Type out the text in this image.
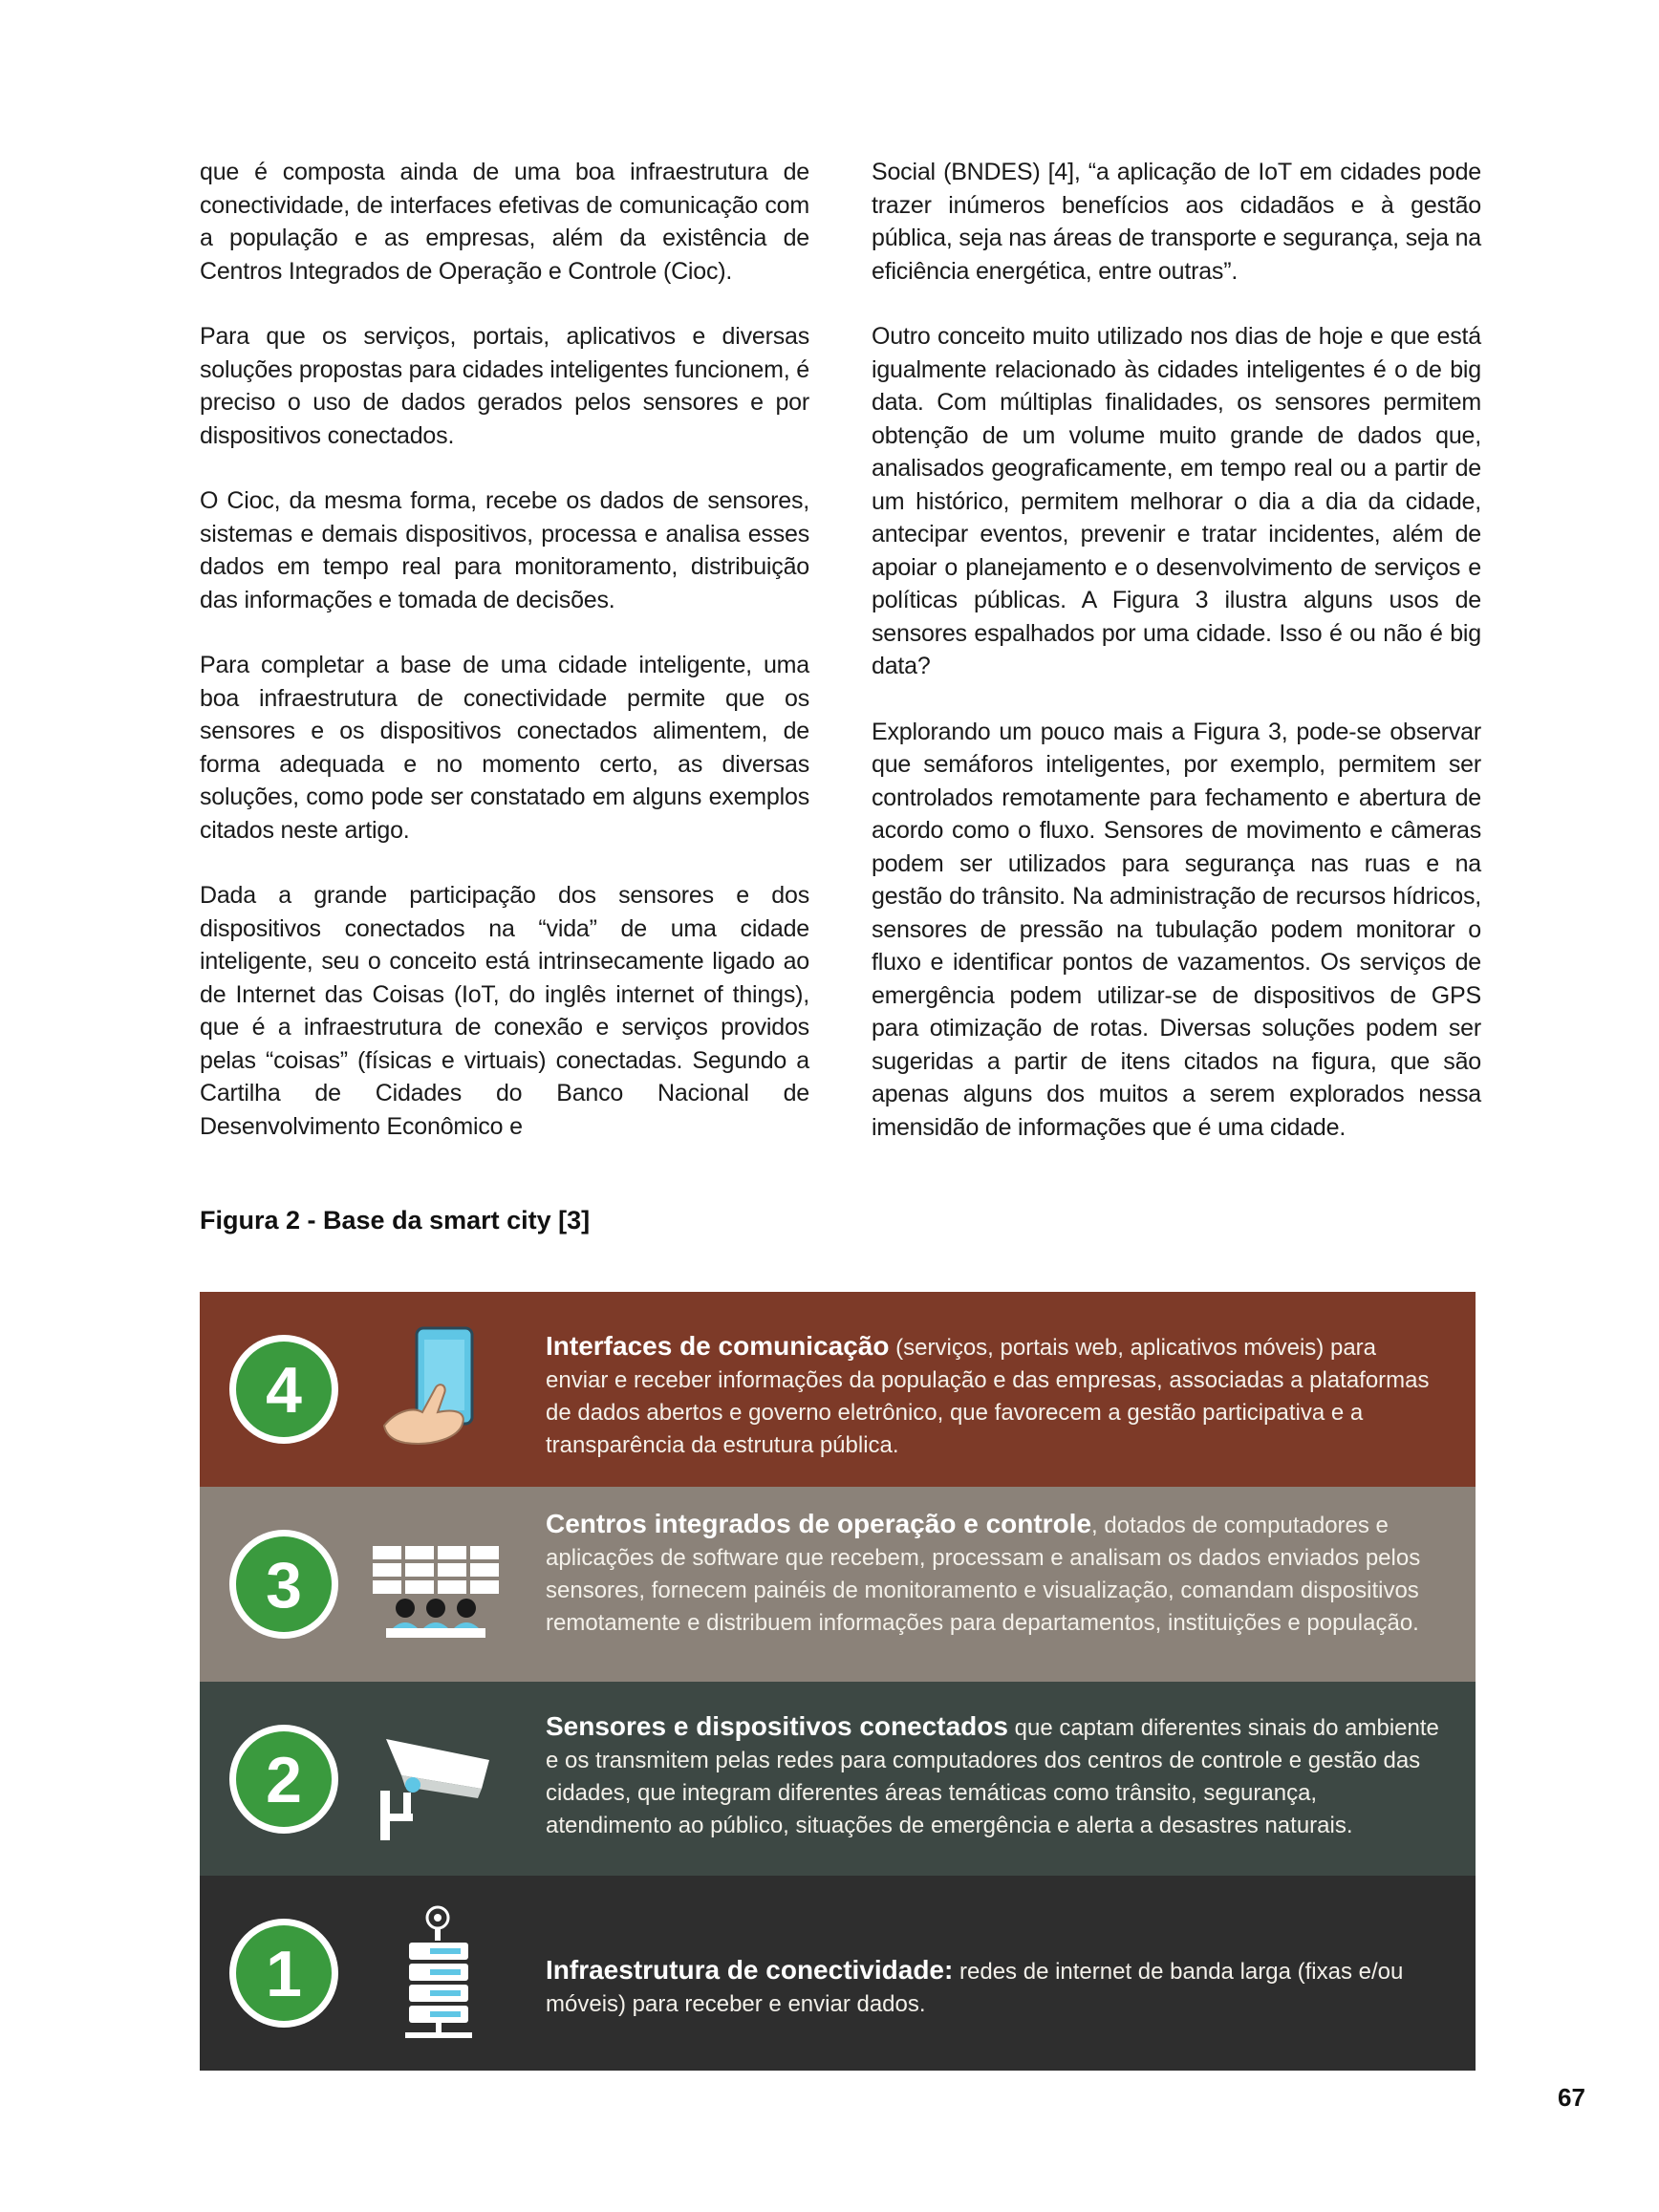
que é composta ainda de uma boa infraestrutura de conectividade, de interfaces efetivas de comunicação com a população e as empresas, além da existência de Centros Integrados de Operação e Controle (Cioc).

Para que os serviços, portais, aplicativos e diversas soluções propostas para cidades inteligentes funcionem, é preciso o uso de dados gerados pelos sensores e por dispositivos conectados.

O Cioc, da mesma forma, recebe os dados de sensores, sistemas e demais dispositivos, processa e analisa esses dados em tempo real para monitoramento, distribuição das informações e tomada de decisões.

Para completar a base de uma cidade inteligente, uma boa infraestrutura de conectividade permite que os sensores e os dispositivos conectados alimentem, de forma adequada e no momento certo, as diversas soluções, como pode ser constatado em alguns exemplos citados neste artigo.

Dada a grande participação dos sensores e dos dispositivos conectados na “vida” de uma cidade inteligente, seu o conceito está intrinsecamente ligado ao de Internet das Coisas (IoT, do inglês internet of things), que é a infraestrutura de conexão e serviços providos pelas “coisas” (físicas e virtuais) conectadas. Segundo a Cartilha de Cidades do Banco Nacional de Desenvolvimento Econômico e

Social (BNDES) [4], “a aplicação de IoT em cidades pode trazer inúmeros benefícios aos cidadãos e à gestão pública, seja nas áreas de transporte e segurança, seja na eficiência energética, entre outras”.

Outro conceito muito utilizado nos dias de hoje e que está igualmente relacionado às cidades inteligentes é o de big data. Com múltiplas finalidades, os sensores permitem obtenção de um volume muito grande de dados que, analisados geograficamente, em tempo real ou a partir de um histórico, permitem melhorar o dia a dia da cidade, antecipar eventos, prevenir e tratar incidentes, além de apoiar o planejamento e o desenvolvimento de serviços e políticas públicas. A Figura 3 ilustra alguns usos de sensores espalhados por uma cidade. Isso é ou não é big data?

Explorando um pouco mais a Figura 3, pode-se observar que semáforos inteligentes, por exemplo, permitem ser controlados remotamente para fechamento e abertura de acordo como o fluxo. Sensores de movimento e câmeras podem ser utilizados para segurança nas ruas e na gestão do trânsito. Na administração de recursos hídricos, sensores de pressão na tubulação podem monitorar o fluxo e identificar pontos de vazamentos. Os serviços de emergência podem utilizar-se de dispositivos de GPS para otimização de rotas. Diversas soluções podem ser sugeridas a partir de itens citados na figura, que são apenas alguns dos muitos a serem explorados nessa imensidão de informações que é uma cidade.

Figura 2 - Base da smart city [3]
4
Interfaces de comunicação (serviços, portais web, aplicativos móveis) para enviar e receber informações da população e das empresas, associadas a plataformas de dados abertos e governo eletrônico, que favorecem a gestão participativa e a transparência da estrutura pública.
3
Centros integrados de operação e controle, dotados de computadores e aplicações de software que recebem, processam e analisam os dados enviados pelos sensores, fornecem painéis de monitoramento e visualização, comandam dispositivos remotamente e distribuem informações para departamentos, instituições e população.
2
Sensores e dispositivos conectados que captam diferentes sinais do ambiente e os transmitem pelas redes para computadores dos centros de controle e gestão das cidades, que integram diferentes áreas temáticas como trânsito, segurança, atendimento ao público, situações de emergência e alerta a desastres naturais.
1	Infraestrutura de conectividade: redes de internet de banda larga (fixas e/ou móveis) para receber e enviar dados.
67
